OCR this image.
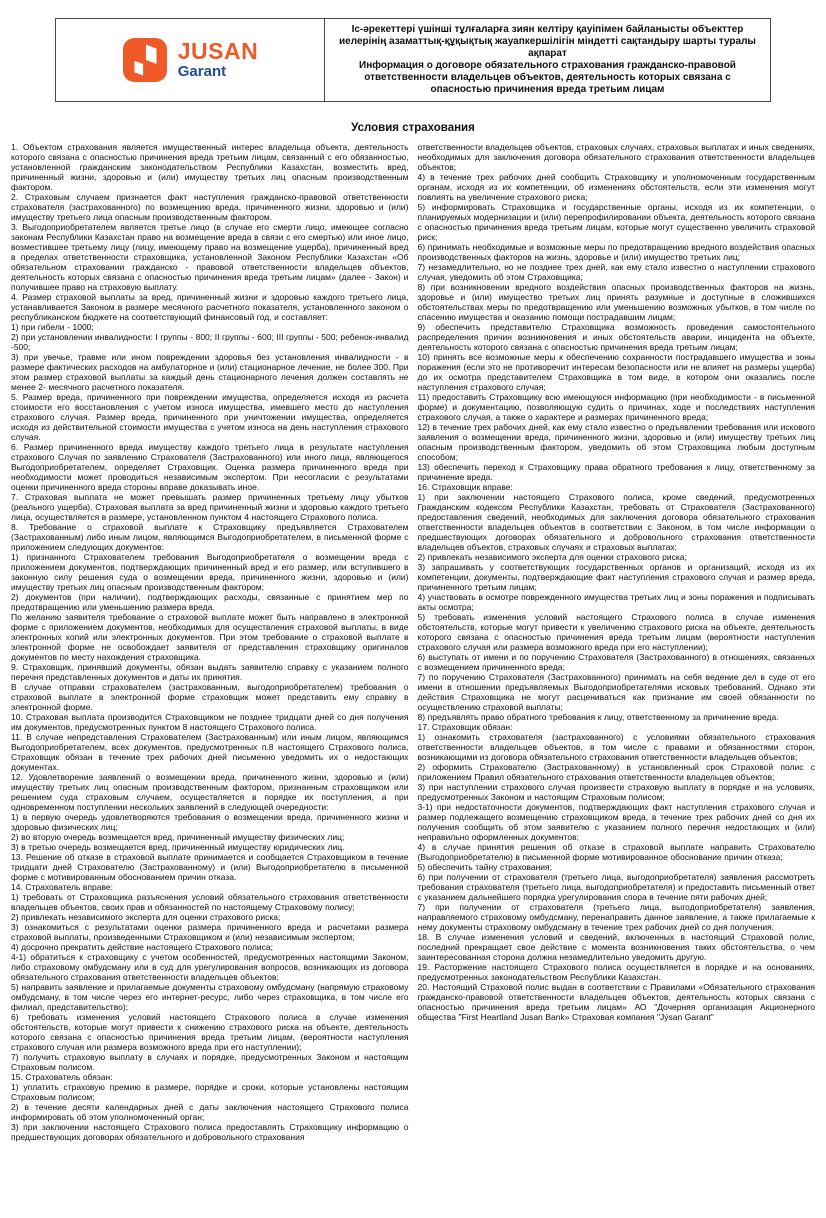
JUSAN
Garant
Іс-әрекеттері үшінші тұлғаларға зиян келтіру қауіпімен байланысты объекттер иелерінің азаматтық-құқықтық жауапкершілігін міндетті сақтандыру шарты туралы ақпарат
Информация о договоре обязательного страхования гражданско-правовой ответственности владельцев объектов, деятельность которых связана с опасностью причинения вреда третьим лицам
Условия страхования

1. Объектом страхования является имущественный интерес владельца объекта, деятельность которого связана с опасностью причинения вреда третьим лицам, связанный с его обязанностью, установленной гражданским законодательством Республики Казахстан, возместить вред, причиненный жизни, здоровью и (или) имуществу третьих лиц опасным производственным фактором.

2. Страховым случаем признается факт наступления гражданско-правовой ответственности страхователя (застрахованного) по возмещению вреда, причиненного жизни, здоровью и (или) имуществу третьего лица опасным производственным фактором.

3. Выгодоприобретателем является третье лицо (в случае его смерти лицо, имеющее согласно законам Республики Казахстан право на возмещение вреда в связи с его смертью) или иное лицо, возместившее третьему лицу (лицу, имеющему право на возмещение ущерба), причиненный вред в пределах ответственности страховщика, установленной Законом Республики Казахстан «Об обязательном страховании гражданско - правовой ответственности владельцев объектов, деятельность которых связана с опасностью причинения вреда третьим лицам» (далее - Закон) и получившее право на страховую выплату.

4. Размер страховой выплаты за вред, причиненный жизни и здоровью каждого третьего лица, устанавливается Законом в размере месячного расчетного показателя, установленного законом о республиканском бюджете на соответствующий финансовый год, и составляет:

1) при гибели - 1000;

2) при установлении инвалидности: I группы - 800; II группы - 600; III группы - 500; ребенок-инвалид -500;

3) при увечье, травме или ином повреждении здоровья без установления инвалидности - в размере фактических расходов на амбулаторное и (или) стационарное лечение, не более 300. При этом размер страховой выплаты за каждый день стационарного лечения должен составлять не менее 2- месячного расчетного показателя.

5. Размер вреда, причиненного при повреждении имущества, определяется исходя из расчета стоимости его восстановления с учетом износа имущества, имевшего место до наступления страхового случая. Размер вреда, причиненного при уничтожении имущества, определяется исходя из действительной стоимости имущества с учетом износа на день наступления страхового случая.

6. Размер причиненного вреда имуществу каждого третьего лица в результате наступления страхового Случая по заявлению Страхователя (Застрахованного) или иного лица, являющегося Выгодоприобретателем, определяет Страховщик. Оценка размера причиненного вреда при необходимости может проводиться независимым экспертом. При несогласии с результатами оценки причиненного вреда стороны вправе доказывать иное.

7. Страховая выплата не может превышать размер причиненных третьему лицу убытков (реального ущерба). Страховая выплата за вред причиненный жизни и здоровью каждого третьего лица, осуществляется в размере, установленном пунктом 4 настоящего Страхового полиса.

8. Требование о страховой выплате к Страховщику предъявляется Страхователем (Застрахованным) либо иным лицом, являющимся Выгодоприобретателем, в письменной форме с приложением следующих документов:

1) признанного Страхователем требования Выгодоприобретателя о возмещении вреда с приложением документов, подтверждающих причиненный вред и его размер, или вступившего в законную силу решения суда о возмещении вреда, причиненного жизни, здоровью и (или) имуществу третьих лиц опасным производственным фактором;

2) документов (при наличии), подтверждающих расходы, связанные с принятием мер по предотвращению или уменьшению размера вреда.

По желанию заявителя требование о страховой выплате может быть направлено в электронной форме с приложением документов, необходимых для осуществления страховой выплаты, в виде электронных копий или электронных документов. При этом требование о страховой выплате в электронной форме не освобождает заявителя от представления страховщику оригиналов документов по месту нахождения страховщика.

9. Страховщик, принявший документы, обязан выдать заявителю справку с указанием полного перечня представленных документов и даты их принятия.

В случае отправки страхователем (застрахованным, выгодоприобретателем) требования о страховой выплате в электронной форме страховщик может представить ему справку в электронной форме.

10. Страховая выплата производится Страховщиком не позднее тридцати дней со дня получения им документов, предусмотренных пунктом 8 настоящего Страхового полиса.

11. В случае непредставления Страхователем (Застрахованным) или иным лицом, являющимся Выгодоприобретателем, всех документов, предусмотренных п.8 настоящего Страхового полиса, Страховщик обязан в течение трех рабочих дней письменно уведомить их о недостающих документах.

12. Удовлетворение заявлений о возмещении вреда, причиненного жизни, здоровью и (или) имуществу третьих лиц опасным производственным фактором, признанным страховщиком или решением суда страховым случаем, осуществляется в порядке их поступления, а при одновременном поступлении нескольких заявлений в следующей очередности:

1) в первую очередь удовлетворяются требования о возмещении вреда, причиненного жизни и здоровью физических лиц;

2) во вторую очередь возмещается вред, причиненный имуществу физических лиц;

3) в третью очередь возмещается вред, причиненный имуществу юридических лиц.

13. Решение об отказе в страховой выплате принимается и сообщается Страховщиком в течение тридцати дней Страхователю (Застрахованному) и (или) Выгодоприобретателю в письменной форме с мотивированным обоснованием причин отказа.

14. Страхователь вправе:

1) требовать от Страховщика разъяснения условий обязательного страхования ответственности владельцев объектов, своих прав и обязанностей по настоящему Страховому полису;

2) привлекать независимого эксперта для оценки страхового риска;

3) ознакомиться с результатами оценки размера причиненного вреда и расчетами размера страховой выплаты, произведенными Страховщиком и (или) независимым экспертом;

4) досрочно прекратить действие настоящего Страхового полиса;

4-1) обратиться к страховщику с учетом особенностей, предусмотренных настоящими Законом, либо страховому омбудсману или в суд для урегулирования вопросов, возникающих из договора обязательного страхования ответственности владельцев объектов;

5) направить заявление и прилагаемые документы страховому омбудсману (напрямую страховому омбудсману, в том числе через его интернет-ресурс, либо через страховщика, в том числе его филиал, представительство);

6) требовать изменения условий настоящего Страхового полиса в случае изменения обстоятельств, которые могут привести к снижению страхового риска на объекте, деятельность которого связана с опасностью причинения вреда третьим лицам, (вероятности наступления страхового случая или размера возможного вреда при его наступлении);

7) получить страховую выплату в случаях и порядке, предусмотренных Законом и настоящим Страховым полисом.

15. Страхователь обязан:

1) уплатить страховую премию в размере, порядке и сроки, которые установлены настоящим Страховым полисом;

2) в течение десяти календарных дней с даты заключения настоящего Страхового полиса информировать об этом уполномоченный орган;

3) при заключении настоящего Страхового полиса предоставлять Страховщику информацию о предшествующих договорах обязательного и добровольного страхования

ответственности владельцев объектов, страховых случаях, страховых выплатах и иных сведениях, необходимых для заключения договора обязательного страхования ответственности владельцев объектов;

4) в течение трех рабочих дней сообщить Страховщику и уполномоченным государственным органам, исходя из их компетенции, об изменениях обстоятельств, если эти изменения могут повлиять на увеличение страхового риска;

5) информировать Страховщика и государственные органы, исходя из их компетенции, о планируемых модернизации и (или) перепрофилировании объекта, деятельность которого связана с опасностью причинения вреда третьим лицам, которые могут существенно увеличить страховой риск;

6) принимать необходимые и возможные меры по предотвращению вредного воздействия опасных производственных факторов на жизнь, здоровье и (или) имущество третьих лиц;

7) незамедлительно, но не позднее трех дней, как ему стало известно о наступлении страхового случая, уведомить об этом Страховщика;

8) при возникновении вредного воздействия опасных производственных факторов на жизнь, здоровье и (или) имущество третьих лиц принять разумные и доступные в сложившихся обстоятельствах меры по предотвращению или уменьшению возможных убытков, в том числе по спасению имущества и оказанию помощи пострадавшим лицам;

9) обеспечить представителю Страховщика возможность проведения самостоятельного распределения причин возникновения и иных обстоятельств аварии, инцидента на объекте, деятельность которого связана с опасностью причинения вреда третьим лицам;

10) принять все возможные меры к обеспечению сохранности пострадавшего имущества и зоны поражения (если это не противоречит интересам безопасности или не влияет на размеры ущерба) до их осмотра представителем Страховщика в том виде, в котором они оказались после наступления страхового случая;

11) предоставить Страховщику всю имеющуюся информацию (при необходимости - в письменной форме) и документацию, позволяющую судить о причинах, ходе и последствиях наступления страхового случая, а также о характере и размерах причиненного вреда;

12) в течение трех рабочих дней, как ему стало известно о предъявлении требования или искового заявления о возмещении вреда, причиненного жизни, здоровью и (или) имуществу третьих лиц опасным производственным фактором, уведомить об этом Страховщика любым доступным способом;

13) обеспечить переход к Страховщику права обратного требования к лицу, ответственному за причинение вреда.

16. Страховщик вправе:

1) при заключении настоящего Страхового полиса, кроме сведений, предусмотренных Гражданским кодексом Республики Казахстан, требовать от Страхователя (Застрахованного) предоставления сведений, необходимых для заключения договора обязательного страхования ответственности владельцев объектов в соответствии с Законом, в том числе информации о предшествующих договорах обязательного и добровольного страхования ответственности владельцев объектов, страховых случаях и страховых выплатах;

2) привлекать независимого эксперта для оценки страхового риска;

3) запрашивать у соответствующих государственных органов и организаций, исходя из их компетенции, документы, подтверждающие факт наступления страхового случая и размер вреда, причиненного третьим лицам;

4) участвовать в осмотре поврежденного имущества третьих лиц и зоны поражения и подписывать акты осмотра;

5) требовать изменения условий настоящего Страхового полиса в случае изменения обстоятельств, которые могут привести к увеличению страхового риска на объекте, деятельность которого связана с опасностью причинения вреда третьим лицам (вероятности наступления страхового случая или размера возможного вреда при его наступлении);

6) выступать от имени и по поручению Страхователя (Застрахованного) в отношениях, связанных с возмещением причиненного вреда;

7) по поручению Страхователя (Застрахованного) принимать на себя ведение дел в суде от его имени в отношении предъявляемых Выгодоприобретателями исковых требований. Однако эти действия Страховщика не могут расцениваться как признание им своей обязанности по осуществлению страховой выплаты;

8) предъявлять право обратного требования к лицу, ответственному за причинение вреда.

17. Страховщик обязан:

1) ознакомить страхователя (застрахованного) с условиями обязательного страхования ответственности владельцев объектов, в том числе с правами и обязанностями сторон, возникающими из договора обязательного страхования ответственности владельцев объектов;

2) оформить Страхователю (Застрахованному) в установленный срок Страховой полис с приложением Правил обязательного страхования ответственности владельцев объектов;

3) при наступлении страхового случая произвести страховую выплату в порядке и на условиях, предусмотренных Законом и настоящим Страховым полисом;

3-1) при недостаточности документов, подтверждающих факт наступления страхового случая и размер подлежащего возмещению страховщиком вреда, в течение трех рабочих дней со дня их получения сообщить об этом заявителю с указанием полного перечня недостающих и (или) неправильно оформленных документов;

4) в случае принятия решения об отказе в страховой выплате направить Страхователю (Выгодоприобретателю) в письменной форме мотивированное обоснование причин отказа;

5) обеспечить тайну страхования;

6) при получении от страхователя (третьего лица, выгодоприобретателя) заявления рассмотреть требования страхователя (третьего лица, выгодоприобретателя) и предоставить письменный ответ с указанием дальнейшего порядка урегулирования спора в течение пяти рабочих дней;

7) при получении от страхователя (третьего лица, выгодоприобретателя) заявления, направляемого страховому омбудсману, перенаправить данное заявление, а также прилагаемые к нему документы страховому омбудсману в течение трех рабочих дней со дня получения.

18. В случае изменения условий и сведений, включенных в настоящий Страховой полис, последний прекращает свое действие с момента возникновения таких обстоятельства, о чем заинтересованная сторона должна незамедлительно уведомить другую.

19. Расторжение настоящего Страхового полиса осуществляется в порядке и на основаниях, предусмотренных законодательством Республики Казахстан.

20. Настоящий Страховой полис выдан в соответствии с Правилами «Обязательного страхования гражданско-правовой ответственности владельцев объектов, деятельность которых связана с опасностью причинения вреда третьим лицам» АО "Дочерняя организация Акционерного общества "First Heartland Jusan Bank» Страховая компания "Jýsan Garant"
